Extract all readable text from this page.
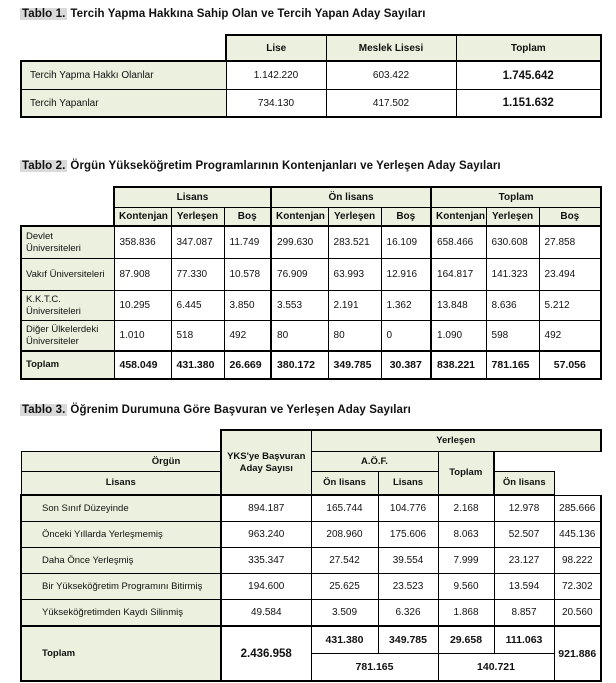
Tablo 1. Tercih Yapma Hakkına Sahip Olan ve Tercih Yapan Aday Sayıları

	Lise	Meslek Lisesi	Toplam
Tercih Yapma Hakkı Olanlar	1.142.220	603.422	1.745.642
Tercih Yapanlar	734.130	417.502	1.151.632

Tablo 2. Örgün Yükseköğretim Programlarının Kontenjanları ve Yerleşen Aday Sayıları

	Lisans			Ön lisans			Toplam		
	Kontenjan	Yerleşen	Boş	Kontenjan	Yerleşen	Boş	Kontenjan	Yerleşen	Boş
Devlet Üniversiteleri	358.836	347.087	11.749	299.630	283.521	16.109	658.466	630.608	27.858
Vakıf Üniversiteleri	87.908	77.330	10.578	76.909	63.993	12.916	164.817	141.323	23.494
K.K.T.C. Üniversiteleri	10.295	6.445	3.850	3.553	2.191	1.362	13.848	8.636	5.212
Diğer Ülkelerdeki Üniversiteler	1.010	518	492	80	80	0	1.090	598	492
Toplam	458.049	431.380	26.669	380.172	349.785	30.387	838.221	781.165	57.056

Tablo 3. Öğrenim Durumuna Göre Başvuran ve Yerleşen Aday Sayıları

	YKS'ye Başvuran Aday Sayısı	Yerleşen				
Örgün		A.Ö.F.		Toplam		
Lisans		Ön lisans	Lisans		Ön lisans	
Son Sınıf Düzeyinde	894.187	165.744	104.776	2.168	12.978	285.666
Önceki Yıllarda Yerleşmemiş	963.240	208.960	175.606	8.063	52.507	445.136
Daha Önce Yerleşmiş	335.347	27.542	39.554	7.999	23.127	98.222
Bir Yükseköğretim Programını Bitirmiş	194.600	25.625	23.523	9.560	13.594	72.302
Yükseköğretimden Kaydı Silinmiş	49.584	3.509	6.326	1.868	8.857	20.560
Toplam	2.436.958	431.380	349.785	29.658	111.063	921.886
		781.165		140.721		
